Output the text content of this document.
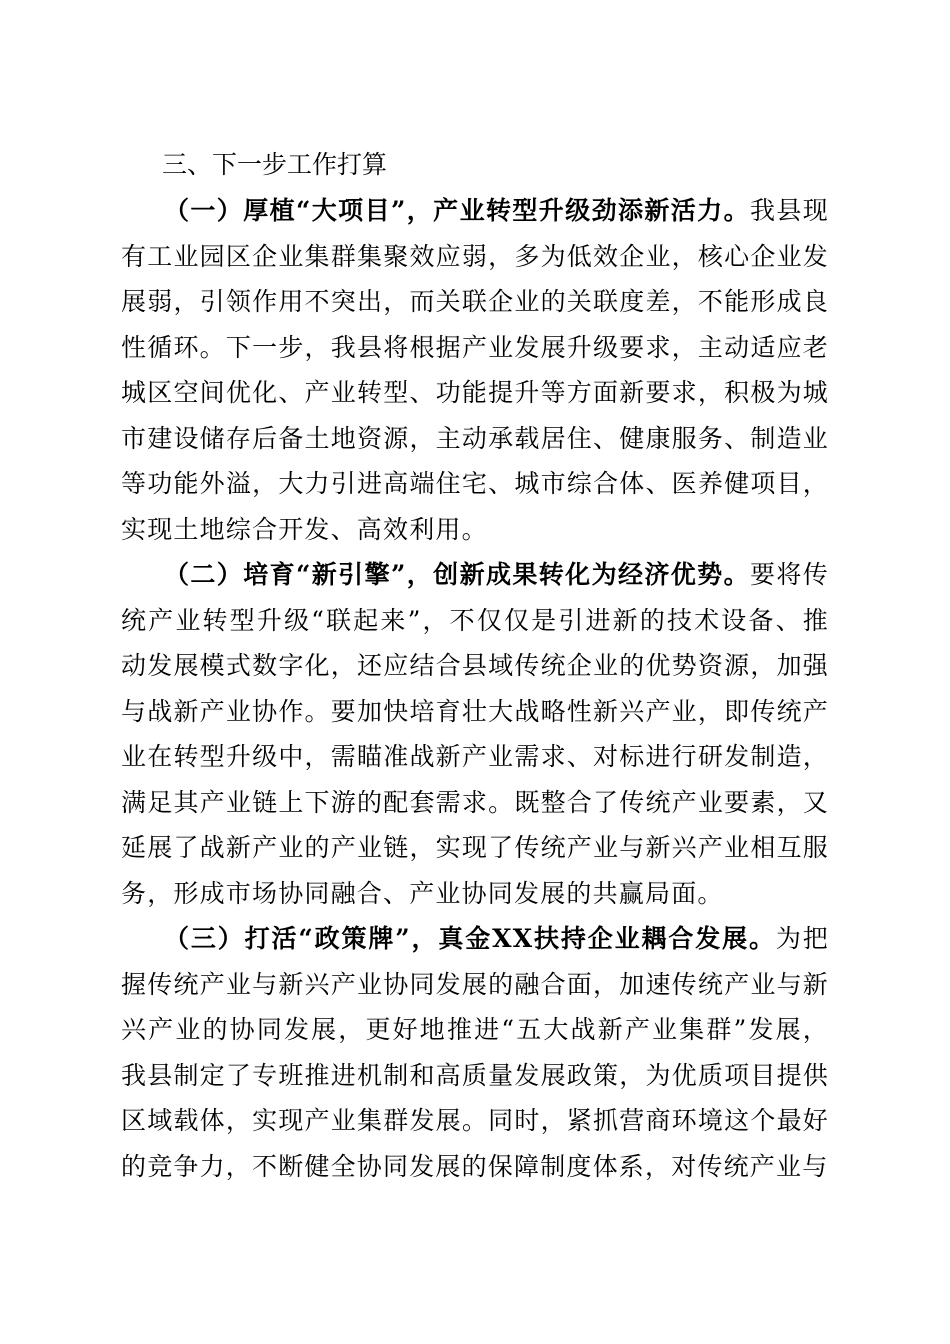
三、下一步工作打算

（一）厚植“大项目”，产业转型升级劲添新活力。我县现有工业园区企业集群集聚效应弱，多为低效企业，核心企业发展弱，引领作用不突出，而关联企业的关联度差，不能形成良性循环。下一步，我县将根据产业发展升级要求，主动适应老城区空间优化、产业转型、功能提升等方面新要求，积极为城市建设储存后备土地资源，主动承载居住、健康服务、制造业等功能外溢，大力引进高端住宅、城市综合体、医养健项目，实现土地综合开发、高效利用。

（二）培育“新引擎”，创新成果转化为经济优势。要将传统产业转型升级“联起来”，不仅仅是引进新的技术设备、推动发展模式数字化，还应结合县域传统企业的优势资源，加强与战新产业协作。要加快培育壮大战略性新兴产业，即传统产业在转型升级中，需瞄准战新产业需求、对标进行研发制造，满足其产业链上下游的配套需求。既整合了传统产业要素，又延展了战新产业的产业链，实现了传统产业与新兴产业相互服务，形成市场协同融合、产业协同发展的共赢局面。

（三）打活“政策牌”，真金XX扶持企业耦合发展。为把握传统产业与新兴产业协同发展的融合面，加速传统产业与新兴产业的协同发展，更好地推进“五大战新产业集群”发展，我县制定了专班推进机制和高质量发展政策，为优质项目提供区域载体，实现产业集群发展。同时，紧抓营商环境这个最好的竞争力，不断健全协同发展的保障制度体系，对传统产业与
